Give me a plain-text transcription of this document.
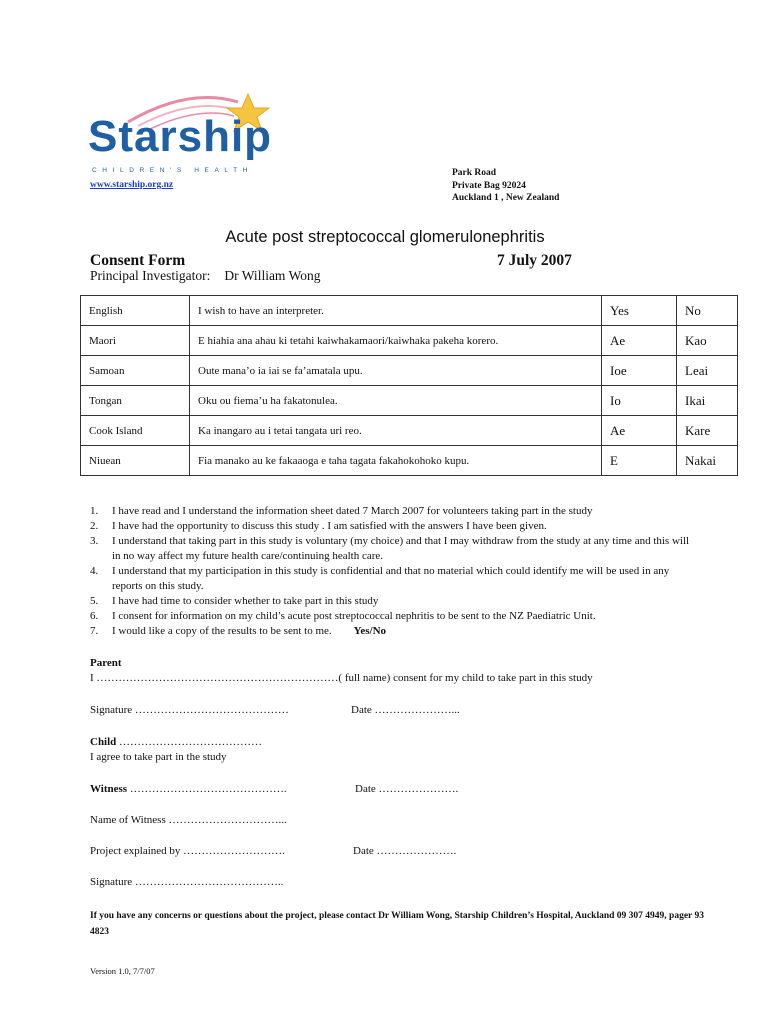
Starship
CHILDREN'S HEALTH
www.starship.org.nz
Park Road
Private Bag 92024
Auckland 1 , New Zealand
Acute post streptococcal glomerulonephritis
Consent Form	7 July 2007
Principal Investigator: Dr William Wong
English	I wish to have an interpreter.	Yes	No
Maori	E hiahia ana ahau ki tetahi kaiwhakamaori/kaiwhaka pakeha korero.	Ae	Kao
Samoan	Oute mana’o ia iai se fa’amatala upu.	Ioe	Leai
Tongan	Oku ou fiema’u ha fakatonulea.	Io	Ikai
Cook Island	Ka inangaro au i tetai tangata uri reo.	Ae	Kare
Niuean	Fia manako au ke fakaaoga e taha tagata fakahokohoko kupu.	E	Nakai
1. I have read and I understand the information sheet dated 7 March 2007 for volunteers taking part in the study
2. I have had the opportunity to discuss this study . I am satisfied with the answers I have been given.
3. I understand that taking part in this study is voluntary (my choice) and that I may withdraw from the study at any time and this will in no way affect my future health care/continuing health care.
4. I understand that my participation in this study is confidential and that no material which could identify me will be used in any reports on this study.
5. I have had time to consider whether to take part in this study
6. I consent for information on my child’s acute post streptococcal nephritis to be sent to the NZ Paediatric Unit.
7. I would like a copy of the results to be sent to me. Yes/No
Parent
I …………………………………………………………( full name) consent for my child to take part in this study
Signature ……………………………………	Date …………………...
Child …………………………………
I agree to take part in the study
Witness …………………………………….	Date ………………….
Name of Witness …………………………...
Project explained by ……………………….	Date ………………….
Signature …………………………………..
If you have any concerns or questions about the project, please contact Dr William Wong, Starship Children’s Hospital, Auckland 09 307 4949, pager 93 4823
Version 1.0, 7/7/07
